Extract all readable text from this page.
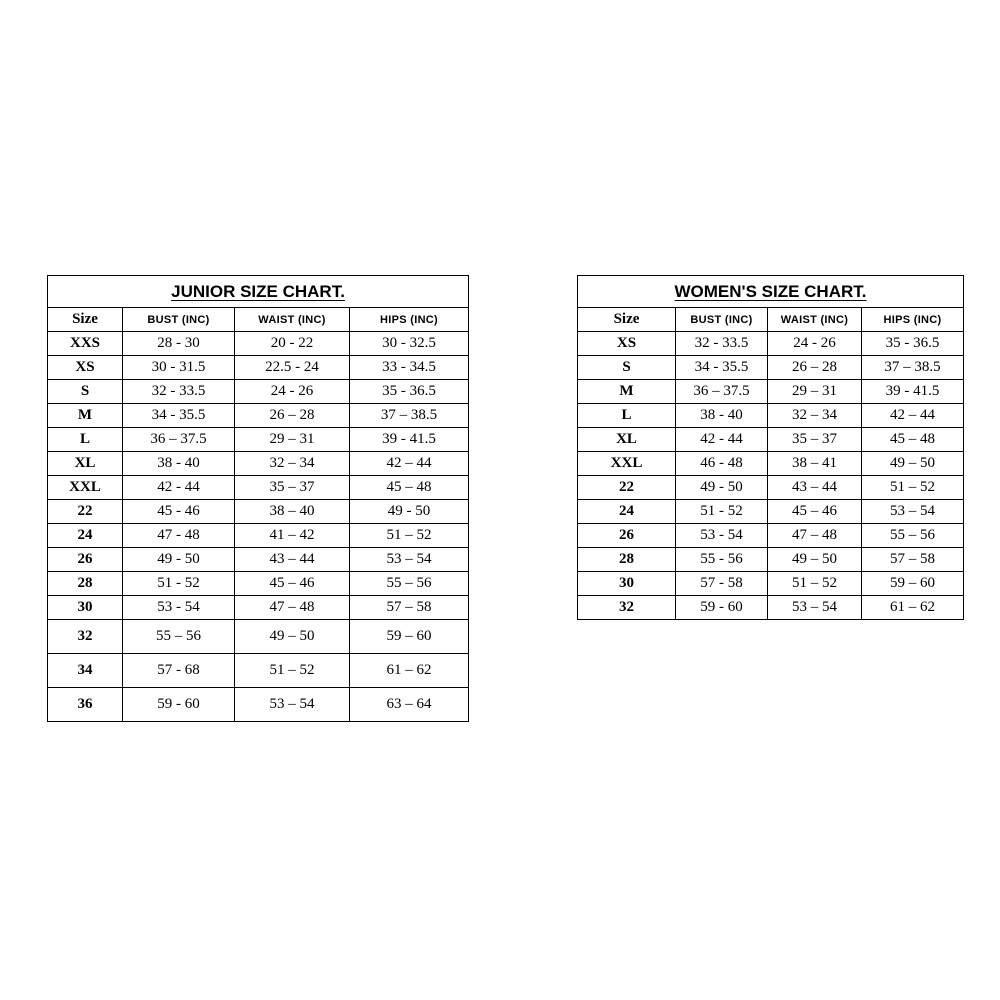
JUNIOR SIZE CHART.			
Size	BUST (INC)	WAIST (INC)	HIPS (INC)
XXS	28 - 30	20 - 22	30 - 32.5
XS	30 - 31.5	22.5 - 24	33 - 34.5
S	32 - 33.5	24 - 26	35 - 36.5
M	34 - 35.5	26 – 28	37 – 38.5
L	36 – 37.5	29 – 31	39 - 41.5
XL	38 - 40	32 – 34	42 – 44
XXL	42 - 44	35 – 37	45 – 48
22	45 - 46	38 – 40	49 - 50
24	47 - 48	41 – 42	51 – 52
26	49 - 50	43 – 44	53 – 54
28	51 - 52	45 – 46	55 – 56
30	53 - 54	47 – 48	57 – 58
32	55 – 56	49 – 50	59 – 60
34	57 - 68	51 – 52	61 – 62
36	59 - 60	53 – 54	63 – 64
WOMEN'S SIZE CHART.			
Size	BUST (INC)	WAIST (INC)	HIPS (INC)
XS	32 - 33.5	24 - 26	35 - 36.5
S	34 - 35.5	26 – 28	37 – 38.5
M	36 – 37.5	29 – 31	39 - 41.5
L	38 - 40	32 – 34	42 – 44
XL	42 - 44	35 – 37	45 – 48
XXL	46 - 48	38 – 41	49 – 50
22	49 - 50	43 – 44	51 – 52
24	51 - 52	45 – 46	53 – 54
26	53 - 54	47 – 48	55 – 56
28	55 - 56	49 – 50	57 – 58
30	57 - 58	51 – 52	59 – 60
32	59 - 60	53 – 54	61 – 62
